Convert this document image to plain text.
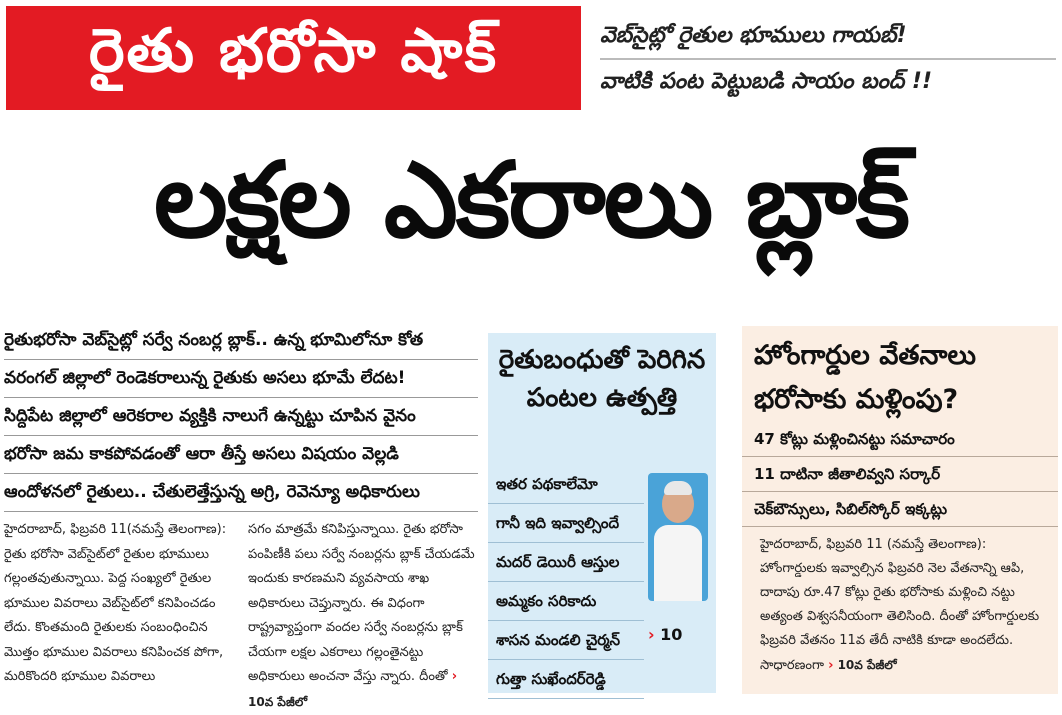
రైతు భరోసా షాక్	వెబ్‌సైట్లో రైతుల భూములు గాయబ్!
వాటికి పంట పెట్టుబడి సాయం బంద్ !!
లక్షల ఎకరాలు బ్లాక్
రైతుభరోసా వెబ్‌సైట్లో సర్వే నంబర్ల బ్లాక్.. ఉన్న భూమిలోనూ కోత
వరంగల్ జిల్లాలో రెండెకరాలున్న రైతుకు అసలు భూమే లేదట!
సిద్దిపేట జిల్లాలో ఆరెకరాల వ్యక్తికి నాలుగే ఉన్నట్టు చూపిన వైనం
భరోసా జమ కాకపోవడంతో ఆరా తీస్తే అసలు విషయం వెల్లడి
ఆందోళనలో రైతులు.. చేతులెత్తేస్తున్న అగ్రి, రెవెన్యూ అధికారులు

హైదరాబాద్, ఫిబ్రవరి 11(నమస్తే తెలంగాణ): రైతు భరోసా వెబ్‌సైట్‌లో రైతుల భూములు గల్లంతవుతున్నాయి. పెద్ద సంఖ్యలో రైతుల భూముల వివరాలు వెబ్‌సైట్‌లో కనిపించడం లేదు. కొంతమంది రైతులకు సంబంధించిన మొత్తం భూముల వివరాలు కనిపించక పోగా, మరికొందరి భూముల వివరాలు

సగం మాత్రమే కనిపిస్తున్నాయి. రైతు భరోసా పంపిణీకి పలు సర్వే నంబర్లను బ్లాక్ చేయడమే ఇందుకు కారణమని వ్యవసాయ శాఖ అధికారులు చెప్తున్నారు. ఈ విధంగా రాష్ట్రవ్యాప్తంగా వందల సర్వే నంబర్లను బ్లాక్ చేయగా లక్షల ఎకరాలు గల్లంతైనట్టు అధికారులు అంచనా వేస్తు న్నారు. దీంతో › 10వ పేజీలో

రైతుబంధుతో పెరిగిన పంటల ఉత్పత్తి
ఇతర పథకాలేమో
గానీ ఇది ఇవ్వాల్సిందే
మదర్ డెయిరీ ఆస్తుల
అమ్మకం సరికాదు
శాసన మండలి చైర్మన్
గుత్తా సుఖేందర్‌రెడ్డి
› 10
హోంగార్డుల వేతనాలు భరోసాకు మళ్లింపు?
47 కోట్లు మళ్లించినట్టు సమాచారం
11 దాటినా జీతాలివ్వని సర్కార్
చెక్‌బౌన్సులు, సిబిల్‌స్కోర్ ఇక్కట్లు

హైదరాబాద్, ఫిబ్రవరి 11 (నమస్తే తెలంగాణ): హోంగార్డులకు ఇవ్వాల్సిన ఫిబ్రవరి నెల వేతనాన్ని ఆపి, దాదాపు రూ.47 కోట్లు రైతు భరోసాకు మళ్లించి నట్టు అత్యంత విశ్వసనీయంగా తెలిసింది. దీంతో హోంగార్డులకు ఫిబ్రవరి వేతనం 11వ తేదీ నాటికి కూడా అందలేదు. సాధారణంగా › 10వ పేజీలో
